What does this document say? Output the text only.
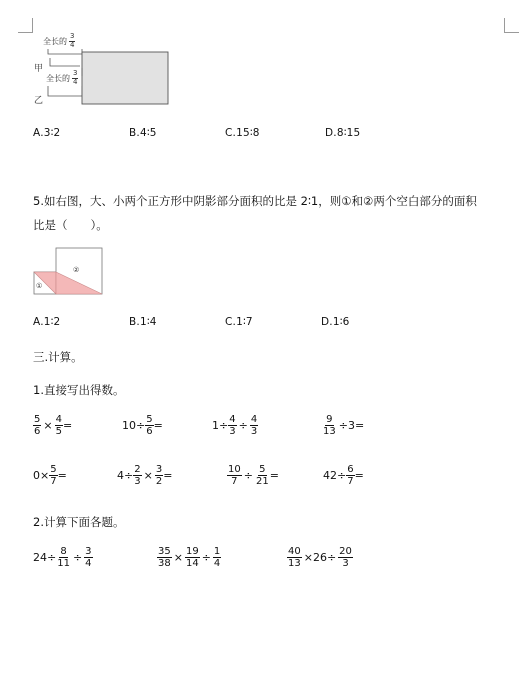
全长的 $\frac{3}{4}$
全长的 $\frac{3}{4}$
甲
乙
A.3∶2	B.4∶5	C.15∶8	D.8∶15
5.如右图，大、小两个正方形中阴影部分面积的比是 2∶1，则①和②两个空白部分的面积
比是（　　）。
①
②
A.1∶2	B.1∶4	C.1∶7	D.1∶6
三.计算。
1.直接写出得数。
$\frac{5}{6} \times \frac{4}{5}$ =	$10\div \frac{5}{6}$ =	$1\div \frac{4}{3} \div \frac{4}{3}$	$\frac{9}{13} \div 3=$
$0\times \frac{5}{7}$ =	$4\div \frac{2}{3} \times \frac{3}{2}$ =	$\frac{10}{7} \div \frac{5}{21}$ =	$42\div \frac{6}{7}$ =
2.计算下面各题。
$24\div \frac{8}{11} \div \frac{3}{4}$	$\frac{35}{38} \times \frac{19}{14} \div \frac{1}{4}$	$\frac{40}{13} \times 26\div \frac{20}{3}$
